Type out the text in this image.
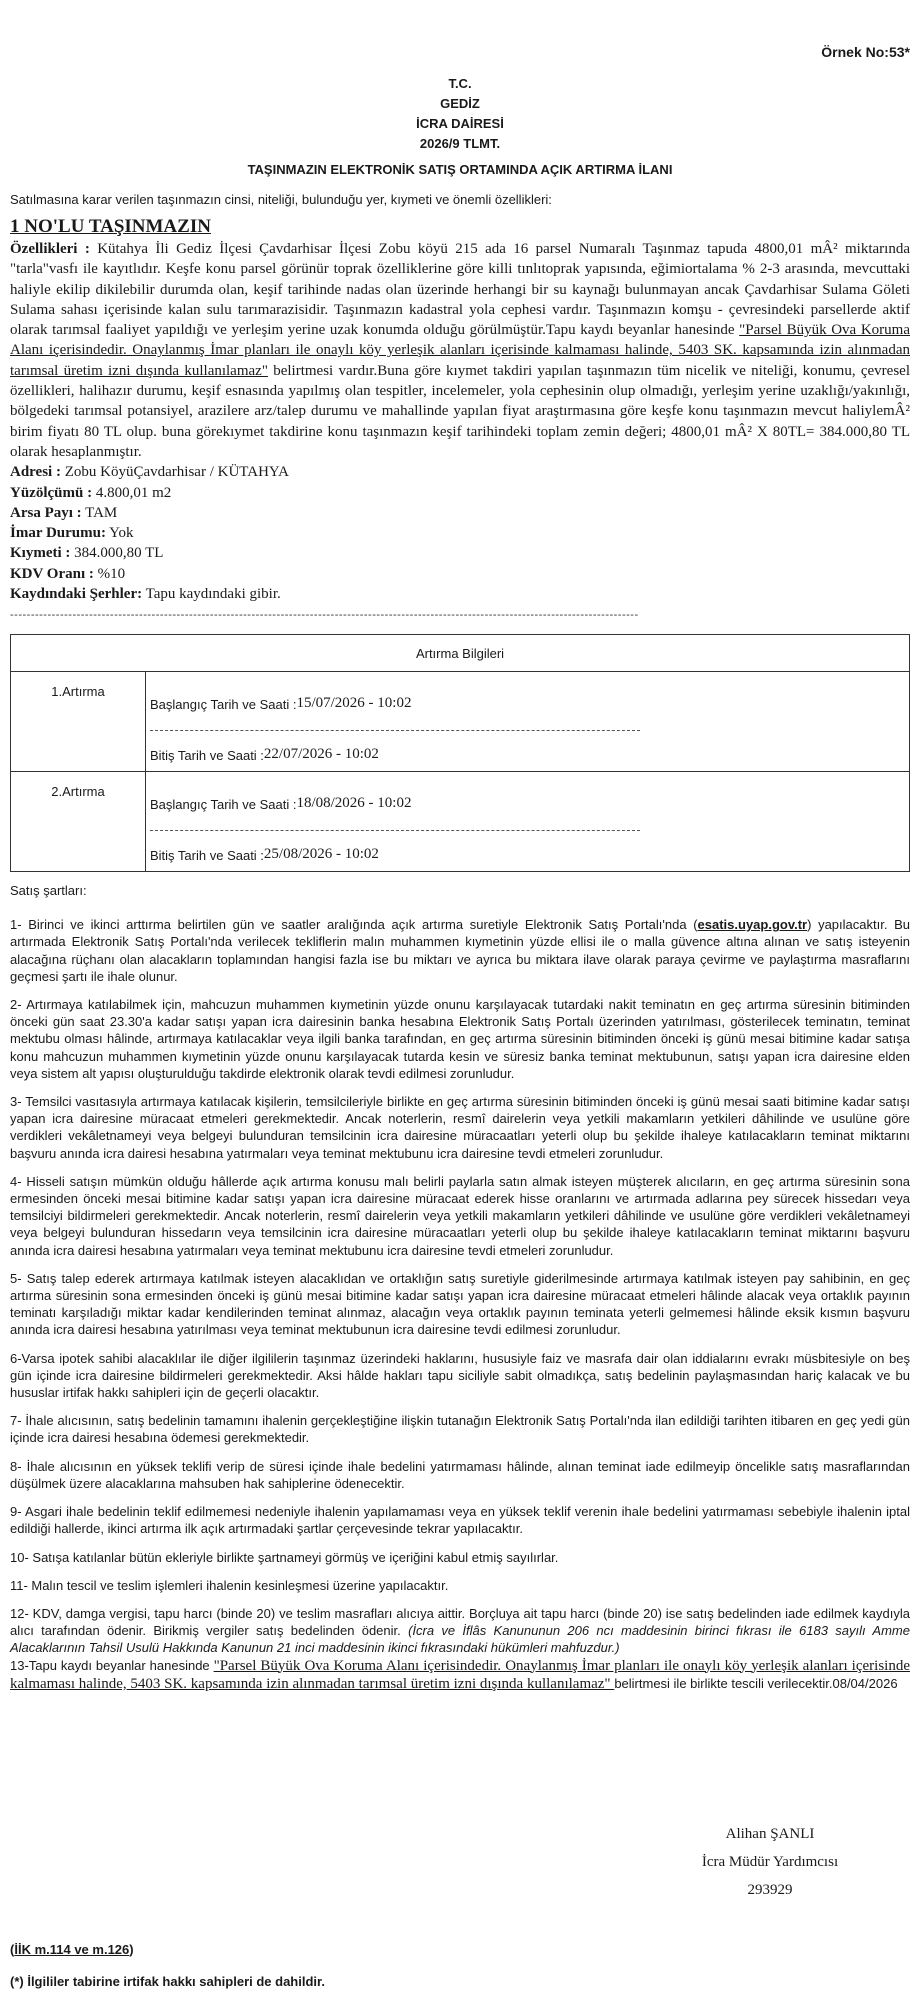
Örnek No:53*
T.C.
GEDİZ
İCRA DAİRESİ
2026/9 TLMT.
TAŞINMAZIN ELEKTRONİK SATIŞ ORTAMINDA AÇIK ARTIRMA İLANI
Satılmasına karar verilen taşınmazın cinsi, niteliği, bulunduğu yer, kıymeti ve önemli özellikleri:
1 NO'LU TAŞINMAZIN
Özellikleri : Kütahya İli Gediz İlçesi Çavdarhisar İlçesi Zobu köyü 215 ada 16 parsel Numaralı Taşınmaz tapuda 4800,01 mÂ² miktarında "tarla"vasfı ile kayıtlıdır. Keşfe konu parsel görünür toprak özelliklerine göre killi tınlıtoprak yapısında, eğimiortalama % 2-3 arasında, mevcuttaki haliyle ekilip dikilebilir durumda olan, keşif tarihinde nadas olan üzerinde herhangi bir su kaynağı bulunmayan ancak Çavdarhisar Sulama Göleti Sulama sahası içerisinde kalan sulu tarımarazisidir. Taşınmazın kadastral yola cephesi vardır. Taşınmazın komşu - çevresindeki parsellerde aktif olarak tarımsal faaliyet yapıldığı ve yerleşim yerine uzak konumda olduğu görülmüştür.Tapu kaydı beyanlar hanesinde "Parsel Büyük Ova Koruma Alanı içerisindedir. Onaylanmış İmar planları ile onaylı köy yerleşik alanları içerisinde kalmaması halinde, 5403 SK. kapsamında izin alınmadan tarımsal üretim izni dışında kullanılamaz" belirtmesi vardır.Buna göre kıymet takdiri yapılan taşınmazın tüm nicelik ve niteliği, konumu, çevresel özellikleri, halihazır durumu, keşif esnasında yapılmış olan tespitler, incelemeler, yola cephesinin olup olmadığı, yerleşim yerine uzaklığı/yakınlığı, bölgedeki tarımsal potansiyel, arazilere arz/talep durumu ve mahallinde yapılan fiyat araştırmasına göre keşfe konu taşınmazın mevcut haliylemÂ² birim fiyatı 80 TL olup. buna görekıymet takdirine konu taşınmazın keşif tarihindeki toplam zemin değeri; 4800,01 mÂ² X 80TL= 384.000,80 TL olarak hesaplanmıştır.
Adresi : Zobu KöyüÇavdarhisar / KÜTAHYA
Yüzölçümü : 4.800,01 m2
Arsa Payı : TAM
İmar Durumu: Yok
Kıymeti : 384.000,80 TL
KDV Oranı : %10
Kaydındaki Şerhler: Tapu kaydındaki gibir.
-------------------------------------------------------------------------------------------------------------------------------------------------------
Artırma Bilgileri	
1.Artırma	Başlangıç Tarih ve Saati : 15/07/2026 - 10:02
Bitiş Tarih ve Saati : 22/07/2026 - 10:02

2.Artırma	Başlangıç Tarih ve Saati : 18/08/2026 - 10:02
Bitiş Tarih ve Saati : 25/08/2026 - 10:02

Satış şartları:

1- Birinci ve ikinci arttırma belirtilen gün ve saatler aralığında açık artırma suretiyle Elektronik Satış Portalı'nda (esatis.uyap.gov.tr) yapılacaktır. Bu artırmada Elektronik Satış Portalı'nda verilecek tekliflerin malın muhammen kıymetinin yüzde ellisi ile o malla güvence altına alınan ve satış isteyenin alacağına rüçhanı olan alacakların toplamından hangisi fazla ise bu miktarı ve ayrıca bu miktara ilave olarak paraya çevirme ve paylaştırma masraflarını geçmesi şartı ile ihale olunur.

2- Artırmaya katılabilmek için, mahcuzun muhammen kıymetinin yüzde onunu karşılayacak tutardaki nakit teminatın en geç artırma süresinin bitiminden önceki gün saat 23.30'a kadar satışı yapan icra dairesinin banka hesabına Elektronik Satış Portalı üzerinden yatırılması, gösterilecek teminatın, teminat mektubu olması hâlinde, artırmaya katılacaklar veya ilgili banka tarafından, en geç artırma süresinin bitiminden önceki iş günü mesai bitimine kadar satışa konu mahcuzun muhammen kıymetinin yüzde onunu karşılayacak tutarda kesin ve süresiz banka teminat mektubunun, satışı yapan icra dairesine elden veya sistem alt yapısı oluşturulduğu takdirde elektronik olarak tevdi edilmesi zorunludur.

3- Temsilci vasıtasıyla artırmaya katılacak kişilerin, temsilcileriyle birlikte en geç artırma süresinin bitiminden önceki iş günü mesai saati bitimine kadar satışı yapan icra dairesine müracaat etmeleri gerekmektedir. Ancak noterlerin, resmî dairelerin veya yetkili makamların yetkileri dâhilinde ve usulüne göre verdikleri vekâletnameyi veya belgeyi bulunduran temsilcinin icra dairesine müracaatları yeterli olup bu şekilde ihaleye katılacakların teminat miktarını başvuru anında icra dairesi hesabına yatırmaları veya teminat mektubunu icra dairesine tevdi etmeleri zorunludur.

4- Hisseli satışın mümkün olduğu hâllerde açık artırma konusu malı belirli paylarla satın almak isteyen müşterek alıcıların, en geç artırma süresinin sona ermesinden önceki mesai bitimine kadar satışı yapan icra dairesine müracaat ederek hisse oranlarını ve artırmada adlarına pey sürecek hissedarı veya temsilciyi bildirmeleri gerekmektedir. Ancak noterlerin, resmî dairelerin veya yetkili makamların yetkileri dâhilinde ve usulüne göre verdikleri vekâletnameyi veya belgeyi bulunduran hissedarın veya temsilcinin icra dairesine müracaatları yeterli olup bu şekilde ihaleye katılacakların teminat miktarını başvuru anında icra dairesi hesabına yatırmaları veya teminat mektubunu icra dairesine tevdi etmeleri zorunludur.

5- Satış talep ederek artırmaya katılmak isteyen alacaklıdan ve ortaklığın satış suretiyle giderilmesinde artırmaya katılmak isteyen pay sahibinin, en geç artırma süresinin sona ermesinden önceki iş günü mesai bitimine kadar satışı yapan icra dairesine müracaat etmeleri hâlinde alacak veya ortaklık payının teminatı karşıladığı miktar kadar kendilerinden teminat alınmaz, alacağın veya ortaklık payının teminata yeterli gelmemesi hâlinde eksik kısmın başvuru anında icra dairesi hesabına yatırılması veya teminat mektubunun icra dairesine tevdi edilmesi zorunludur.

6-Varsa ipotek sahibi alacaklılar ile diğer ilgililerin taşınmaz üzerindeki haklarını, hususiyle faiz ve masrafa dair olan iddialarını evrakı müsbitesiyle on beş gün içinde icra dairesine bildirmeleri gerekmektedir. Aksi hâlde hakları tapu siciliyle sabit olmadıkça, satış bedelinin paylaşmasından hariç kalacak ve bu hususlar irtifak hakkı sahipleri için de geçerli olacaktır.

7- İhale alıcısının, satış bedelinin tamamını ihalenin gerçekleştiğine ilişkin tutanağın Elektronik Satış Portalı'nda ilan edildiği tarihten itibaren en geç yedi gün içinde icra dairesi hesabına ödemesi gerekmektedir.

8- İhale alıcısının en yüksek teklifi verip de süresi içinde ihale bedelini yatırmaması hâlinde, alınan teminat iade edilmeyip öncelikle satış masraflarından düşülmek üzere alacaklarına mahsuben hak sahiplerine ödenecektir.

9- Asgari ihale bedelinin teklif edilmemesi nedeniyle ihalenin yapılamaması veya en yüksek teklif verenin ihale bedelini yatırmaması sebebiyle ihalenin iptal edildiği hallerde, ikinci artırma ilk açık artırmadaki şartlar çerçevesinde tekrar yapılacaktır.

10- Satışa katılanlar bütün ekleriyle birlikte şartnameyi görmüş ve içeriğini kabul etmiş sayılırlar.

11- Malın tescil ve teslim işlemleri ihalenin kesinleşmesi üzerine yapılacaktır.

12- KDV, damga vergisi, tapu harcı (binde 20) ve teslim masrafları alıcıya aittir. Borçluya ait tapu harcı (binde 20) ise satış bedelinden iade edilmek kaydıyla alıcı tarafından ödenir. Birikmiş vergiler satış bedelinden ödenir. (İcra ve İflâs Kanununun 206 ncı maddesinin birinci fıkrası ile 6183 sayılı Amme Alacaklarının Tahsil Usulü Hakkında Kanunun 21 inci maddesinin ikinci fıkrasındaki hükümleri mahfuzdur.)

13-Tapu kaydı beyanlar hanesinde "Parsel Büyük Ova Koruma Alanı içerisindedir. Onaylanmış İmar planları ile onaylı köy yerleşik alanları içerisinde kalmaması halinde, 5403 SK. kapsamında izin alınmadan tarımsal üretim izni dışında kullanılamaz" belirtmesi ile birlikte tescili verilecektir.08/04/2026

Alihan ŞANLI
İcra Müdür Yardımcısı
293929
(İİK m.114 ve m.126)
(*) İlgililer tabirine irtifak hakkı sahipleri de dahildir.
